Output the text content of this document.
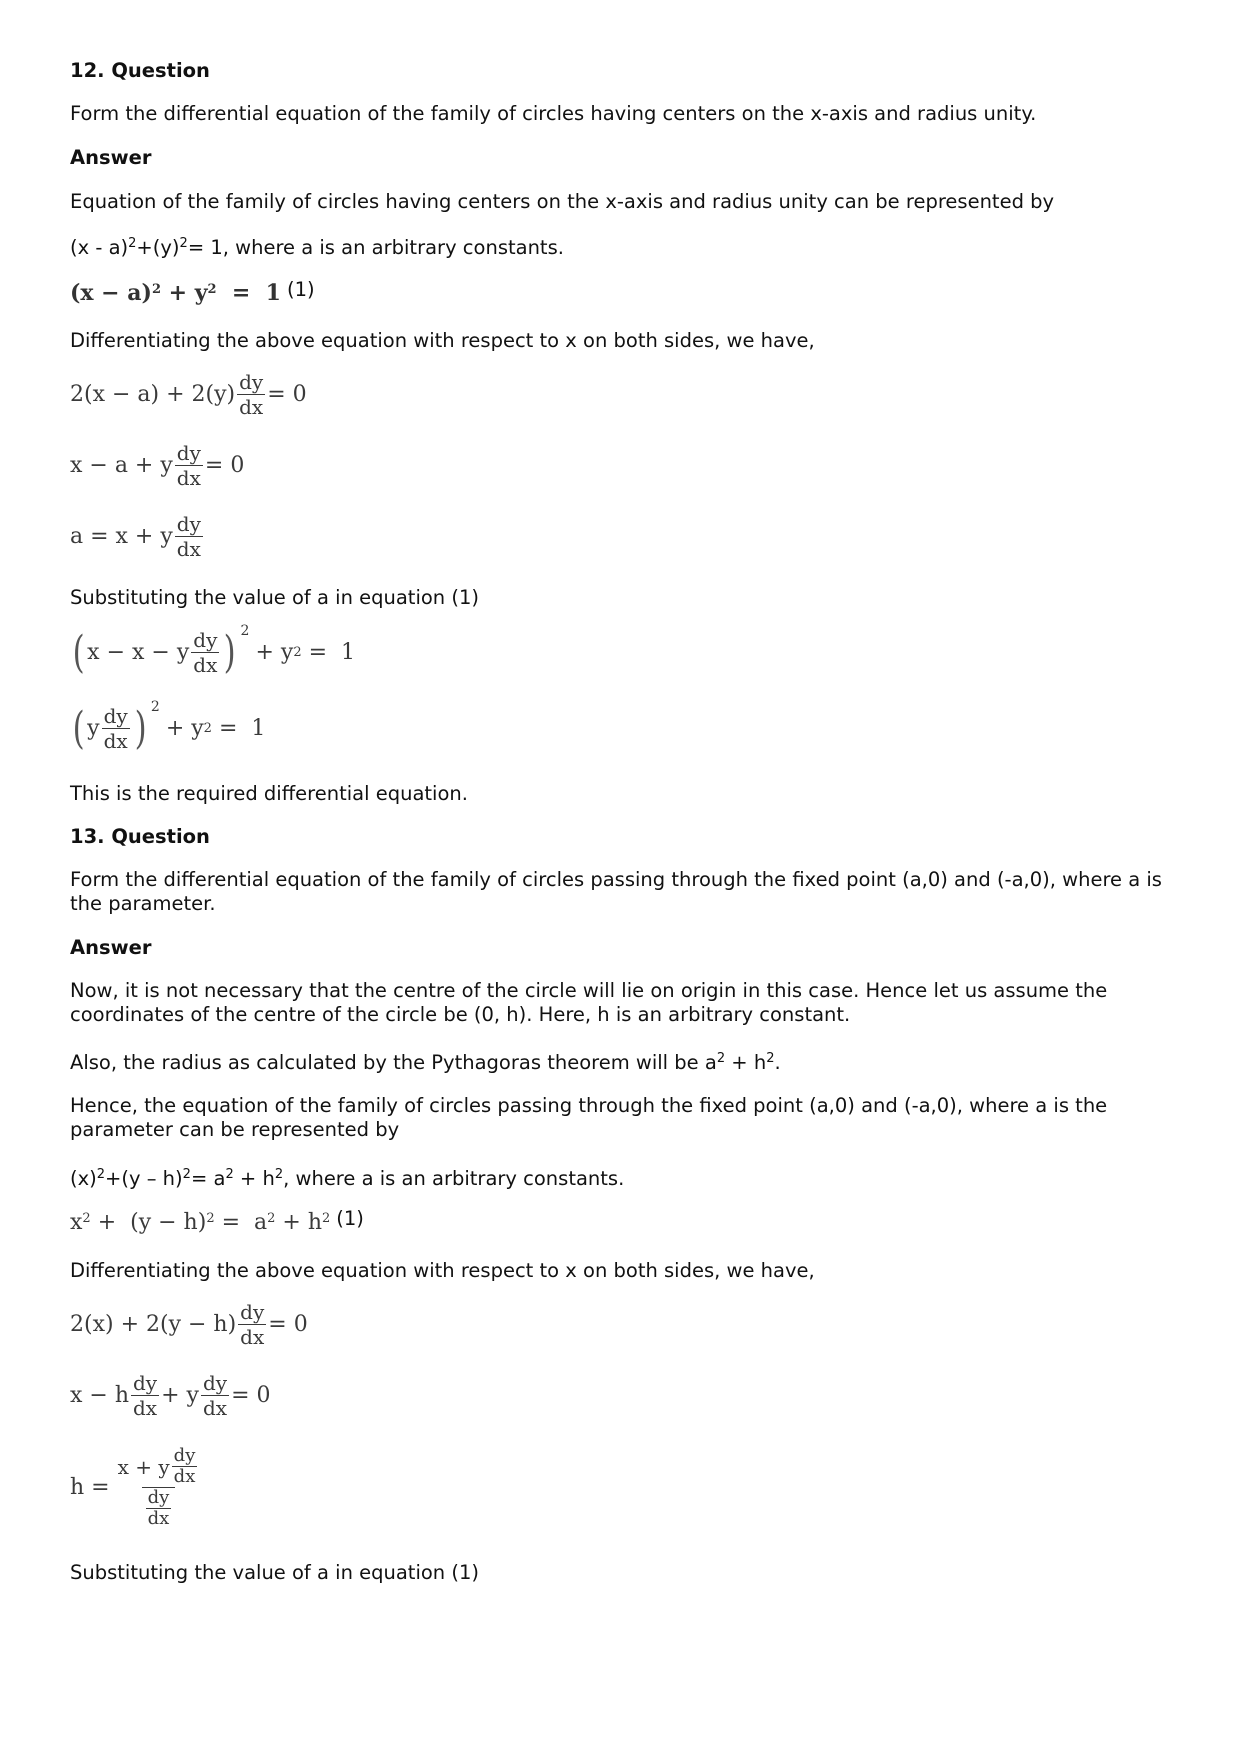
12. Question
Form the differential equation of the family of circles having centers on the x-axis and radius unity.
Answer
Equation of the family of circles having centers on the x-axis and radius unity can be represented by
$(x - a)^2+(y)^2= 1$, where a is an arbitrary constants.
$(x - a)^2 + y^2 = 1$ (1)
Differentiating the above equation with respect to x on both sides, we have,
$2(x - a) + 2(y) \frac{dy}{dx} = 0$
x − a + y $\frac{dy}{dx} = 0$
a = x + y $\frac{dy}{dx}$
Substituting the value of a in equation (1)
( x − x − y $\frac{dy}{dx}$ ) 2
+ y 2 =  1
( y $\frac{dy}{dx}$ ) 2
+ y 2 =  1
This is the required differential equation.
13. Question
Form the differential equation of the family of circles passing through the fixed point (a,0) and (-a,0), where a is the parameter.
Answer
Now, it is not necessary that the centre of the circle will lie on origin in this case. Hence let us assume the coordinates of the centre of the circle be (0, h). Here, h is an arbitrary constant.
Also, the radius as calculated by the Pythagoras theorem will be $a^2 + h^2$.
Hence, the equation of the family of circles passing through the fixed point (a,0) and (-a,0), where a is the parameter can be represented by
$(x)^2+(y - h)^2= a^2 + h^2$, where a is an arbitrary constants.
$x^2 + (y - h)^2 = a^2 + h^2$ (1)
Differentiating the above equation with respect to x on both sides, we have,
$2(x) + 2(y - h) \frac{dy}{dx} = 0$
x − h $\frac{dy}{dx} + y \frac{dy}{dx} = 0$
$h = \frac{x + y \frac{dy}{dx}}{\frac{dy}{dx}}$
Substituting the value of a in equation (1)
